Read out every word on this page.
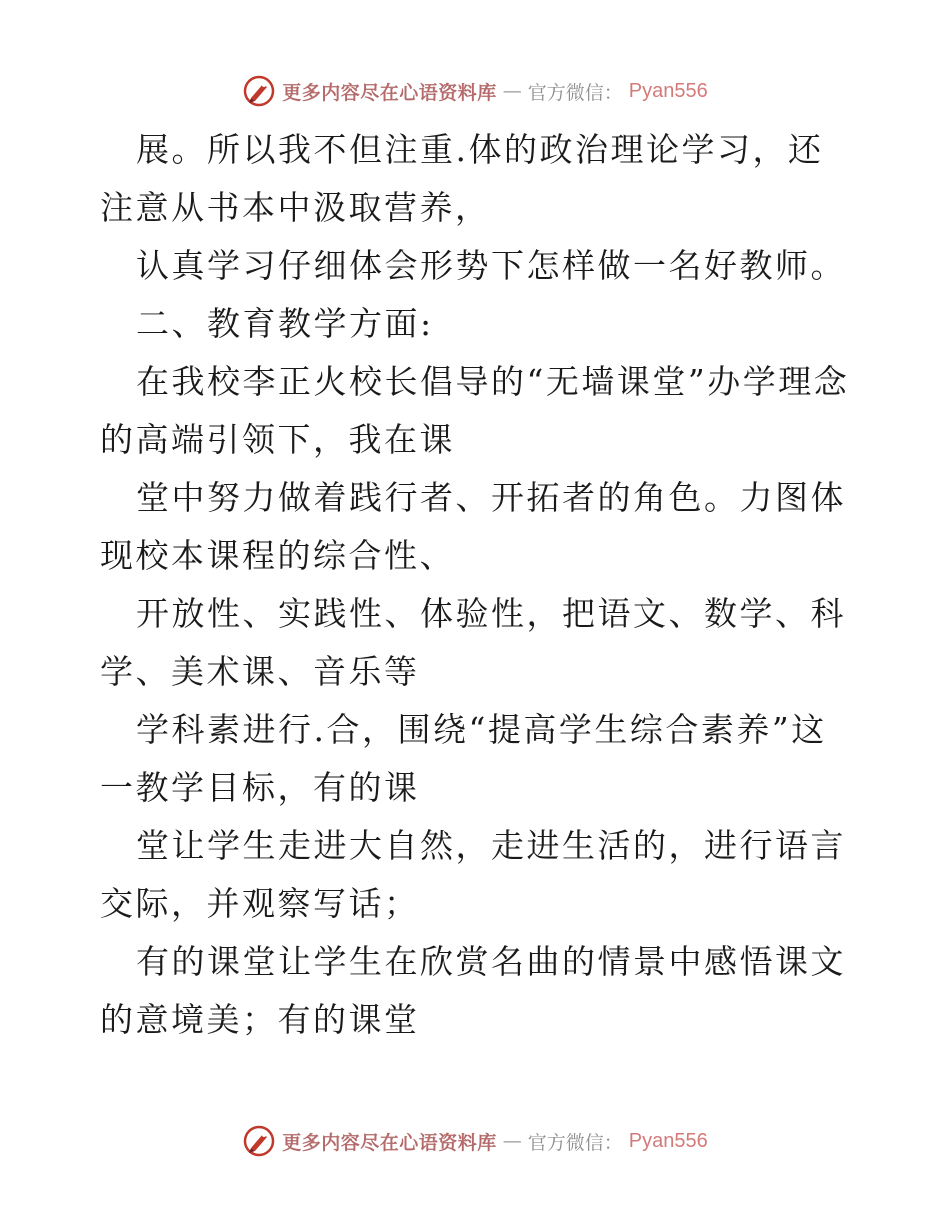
更多内容尽在心语资料库 — 官方微信： Pyan556

展。所以我不但注重.体的政治理论学习，还注意从书本中汲取营养，

认真学习仔细体会形势下怎样做一名好教师。

二、教育教学方面:

在我校李正火校长倡导的“无墙课堂”办学理念的高端引领下，我在课

堂中努力做着践行者、开拓者的角色。力图体现校本课程的综合性、

开放性、实践性、体验性，把语文、数学、科学、美术课、音乐等

学科素进行.合，围绕“提高学生综合素养”这一教学目标，有的课

堂让学生走进大自然，走进生活的，进行语言交际，并观察写话；

有的课堂让学生在欣赏名曲的情景中感悟课文的意境美；有的课堂

更多内容尽在心语资料库 — 官方微信： Pyan556
